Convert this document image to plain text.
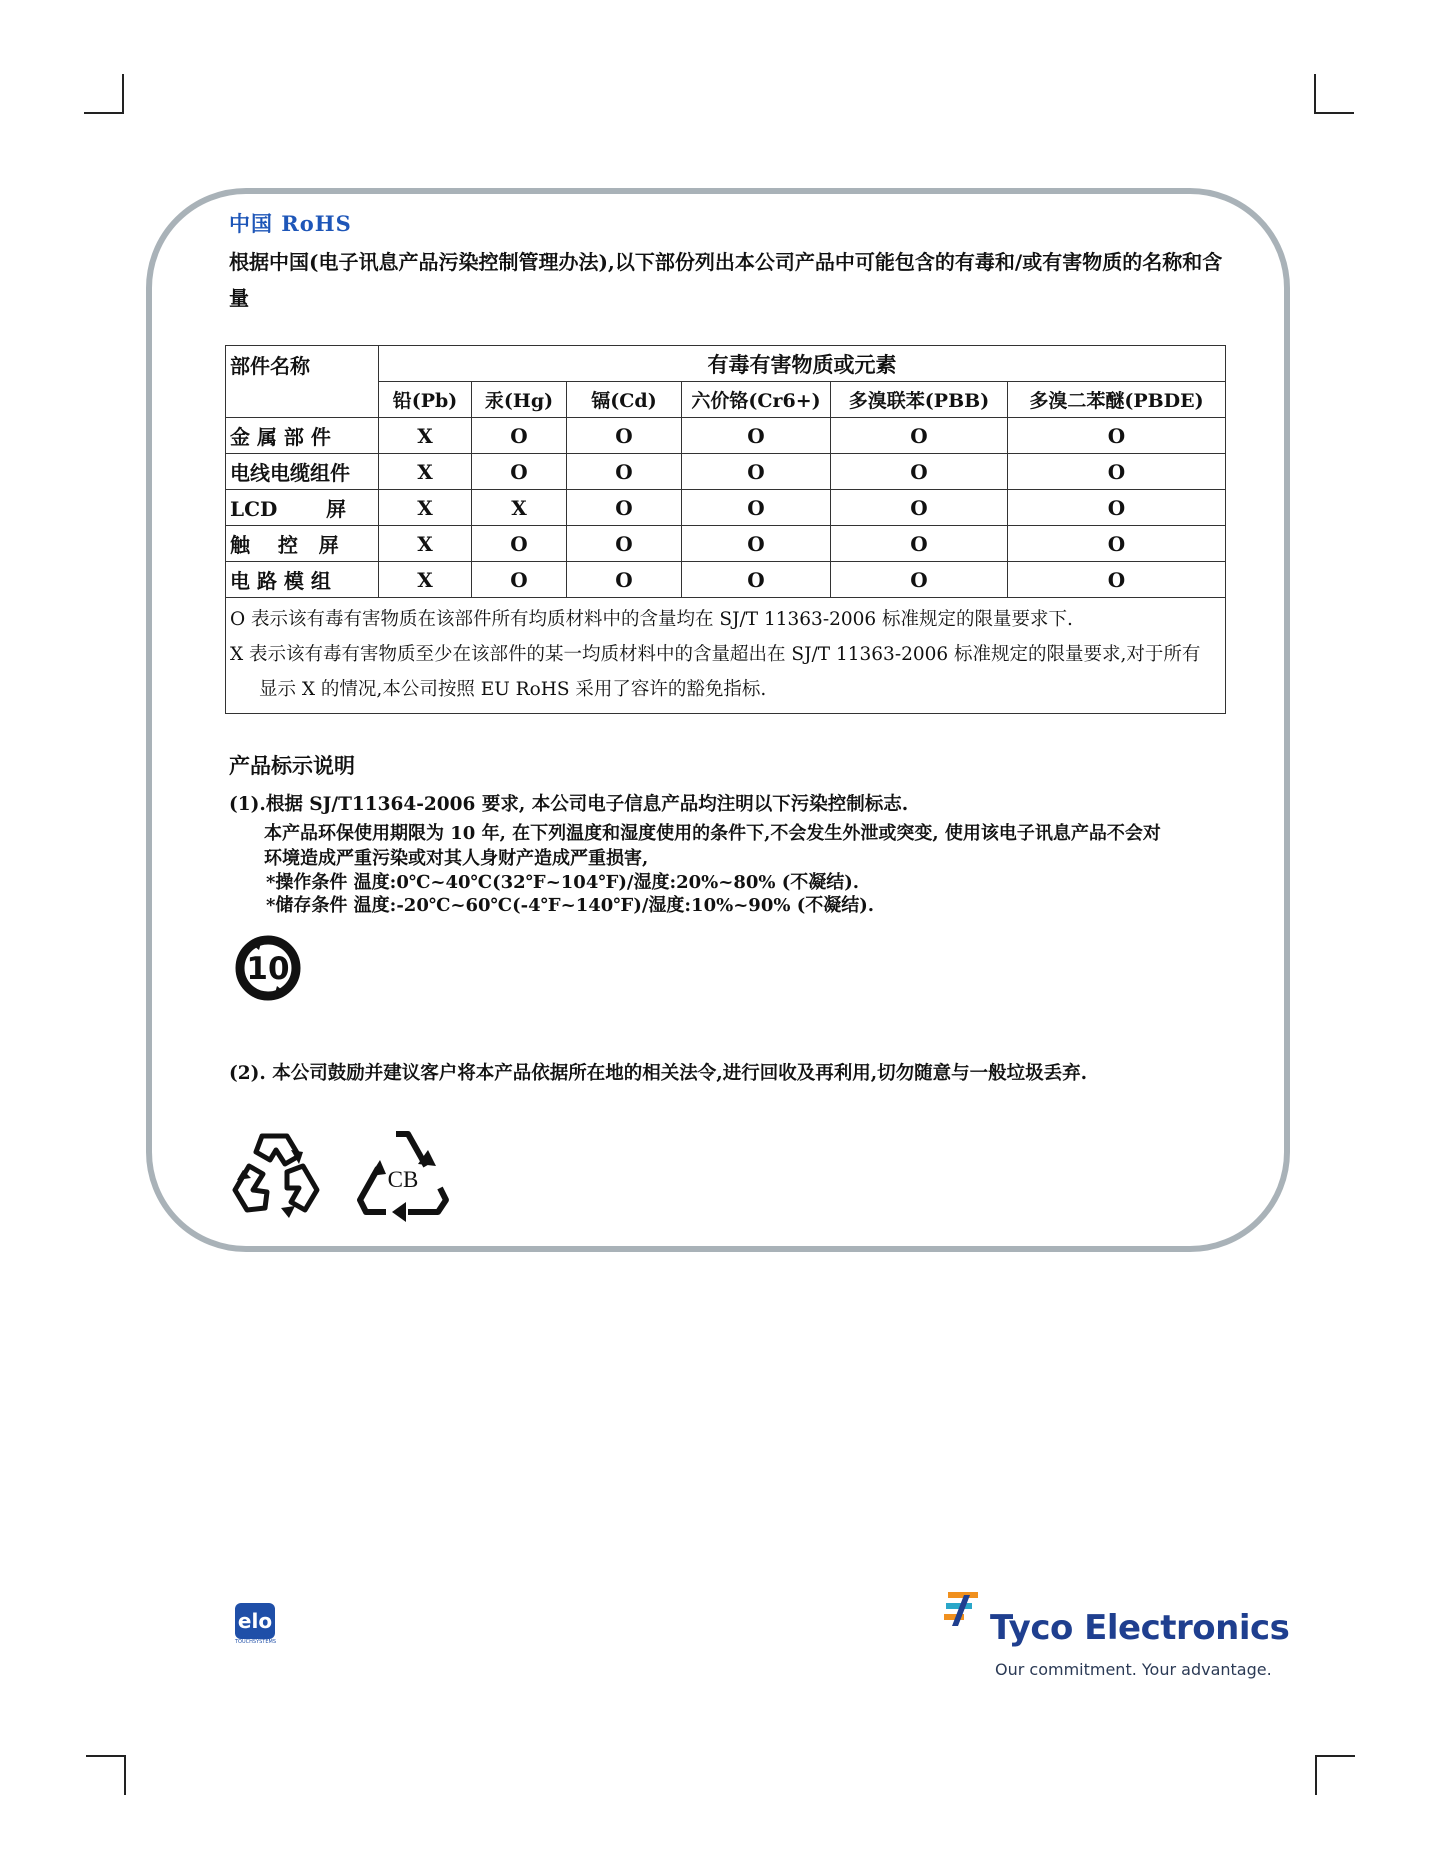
中国 RoHS
根据中国(电子讯息产品污染控制管理办法),以下部份列出本公司产品中可能包含的有毒和/或有害物质的名称和含量
部件名称	有毒有害物质或元素					
	铅(Pb)	汞(Hg)	镉(Cd)	六价铬(Cr6+)	多溴联苯(PBB)	多溴二苯醚(PBDE)
金 属 部 件	X	O	O	O	O	O
电线电缆组件	X	O	O	O	O	O
LCD       屏	X	X	O	O	O	O
触    控   屏	X	O	O	O	O	O
电 路 模 组	X	O	O	O	O	O

O 表示该有毒有害物质在该部件所有均质材料中的含量均在 SJ/T 11363-2006 标准规定的限量要求下.
X 表示该有毒有害物质至少在该部件的某一均质材料中的含量超出在 SJ/T 11363-2006 标准规定的限量要求,对于所有
显示 X 的情况,本公司按照 EU RoHS 采用了容许的豁免指标.						
产品标示说明
(1).根据 SJ/T11364-2006 要求, 本公司电子信息产品均注明以下污染控制标志.
本产品环保使用期限为 10 年, 在下列温度和湿度使用的条件下,不会发生外泄或突变, 使用该电子讯息产品不会对
环境造成严重污染或对其人身财产造成严重损害,
*操作条件 温度:0℃~40℃(32℉~104℉)/湿度:20%~80% (不凝结).
*储存条件 温度:-20℃~60℃(-4℉~140℉)/湿度:10%~90% (不凝结).
10
(2). 本公司鼓励并建议客户将本产品依据所在地的相关法令,进行回收及再利用,切勿随意与一般垃圾丢弃.
CB
elo
TOUCHSYSTEMS	Tyco Electronics
Our commitment. Your advantage.
